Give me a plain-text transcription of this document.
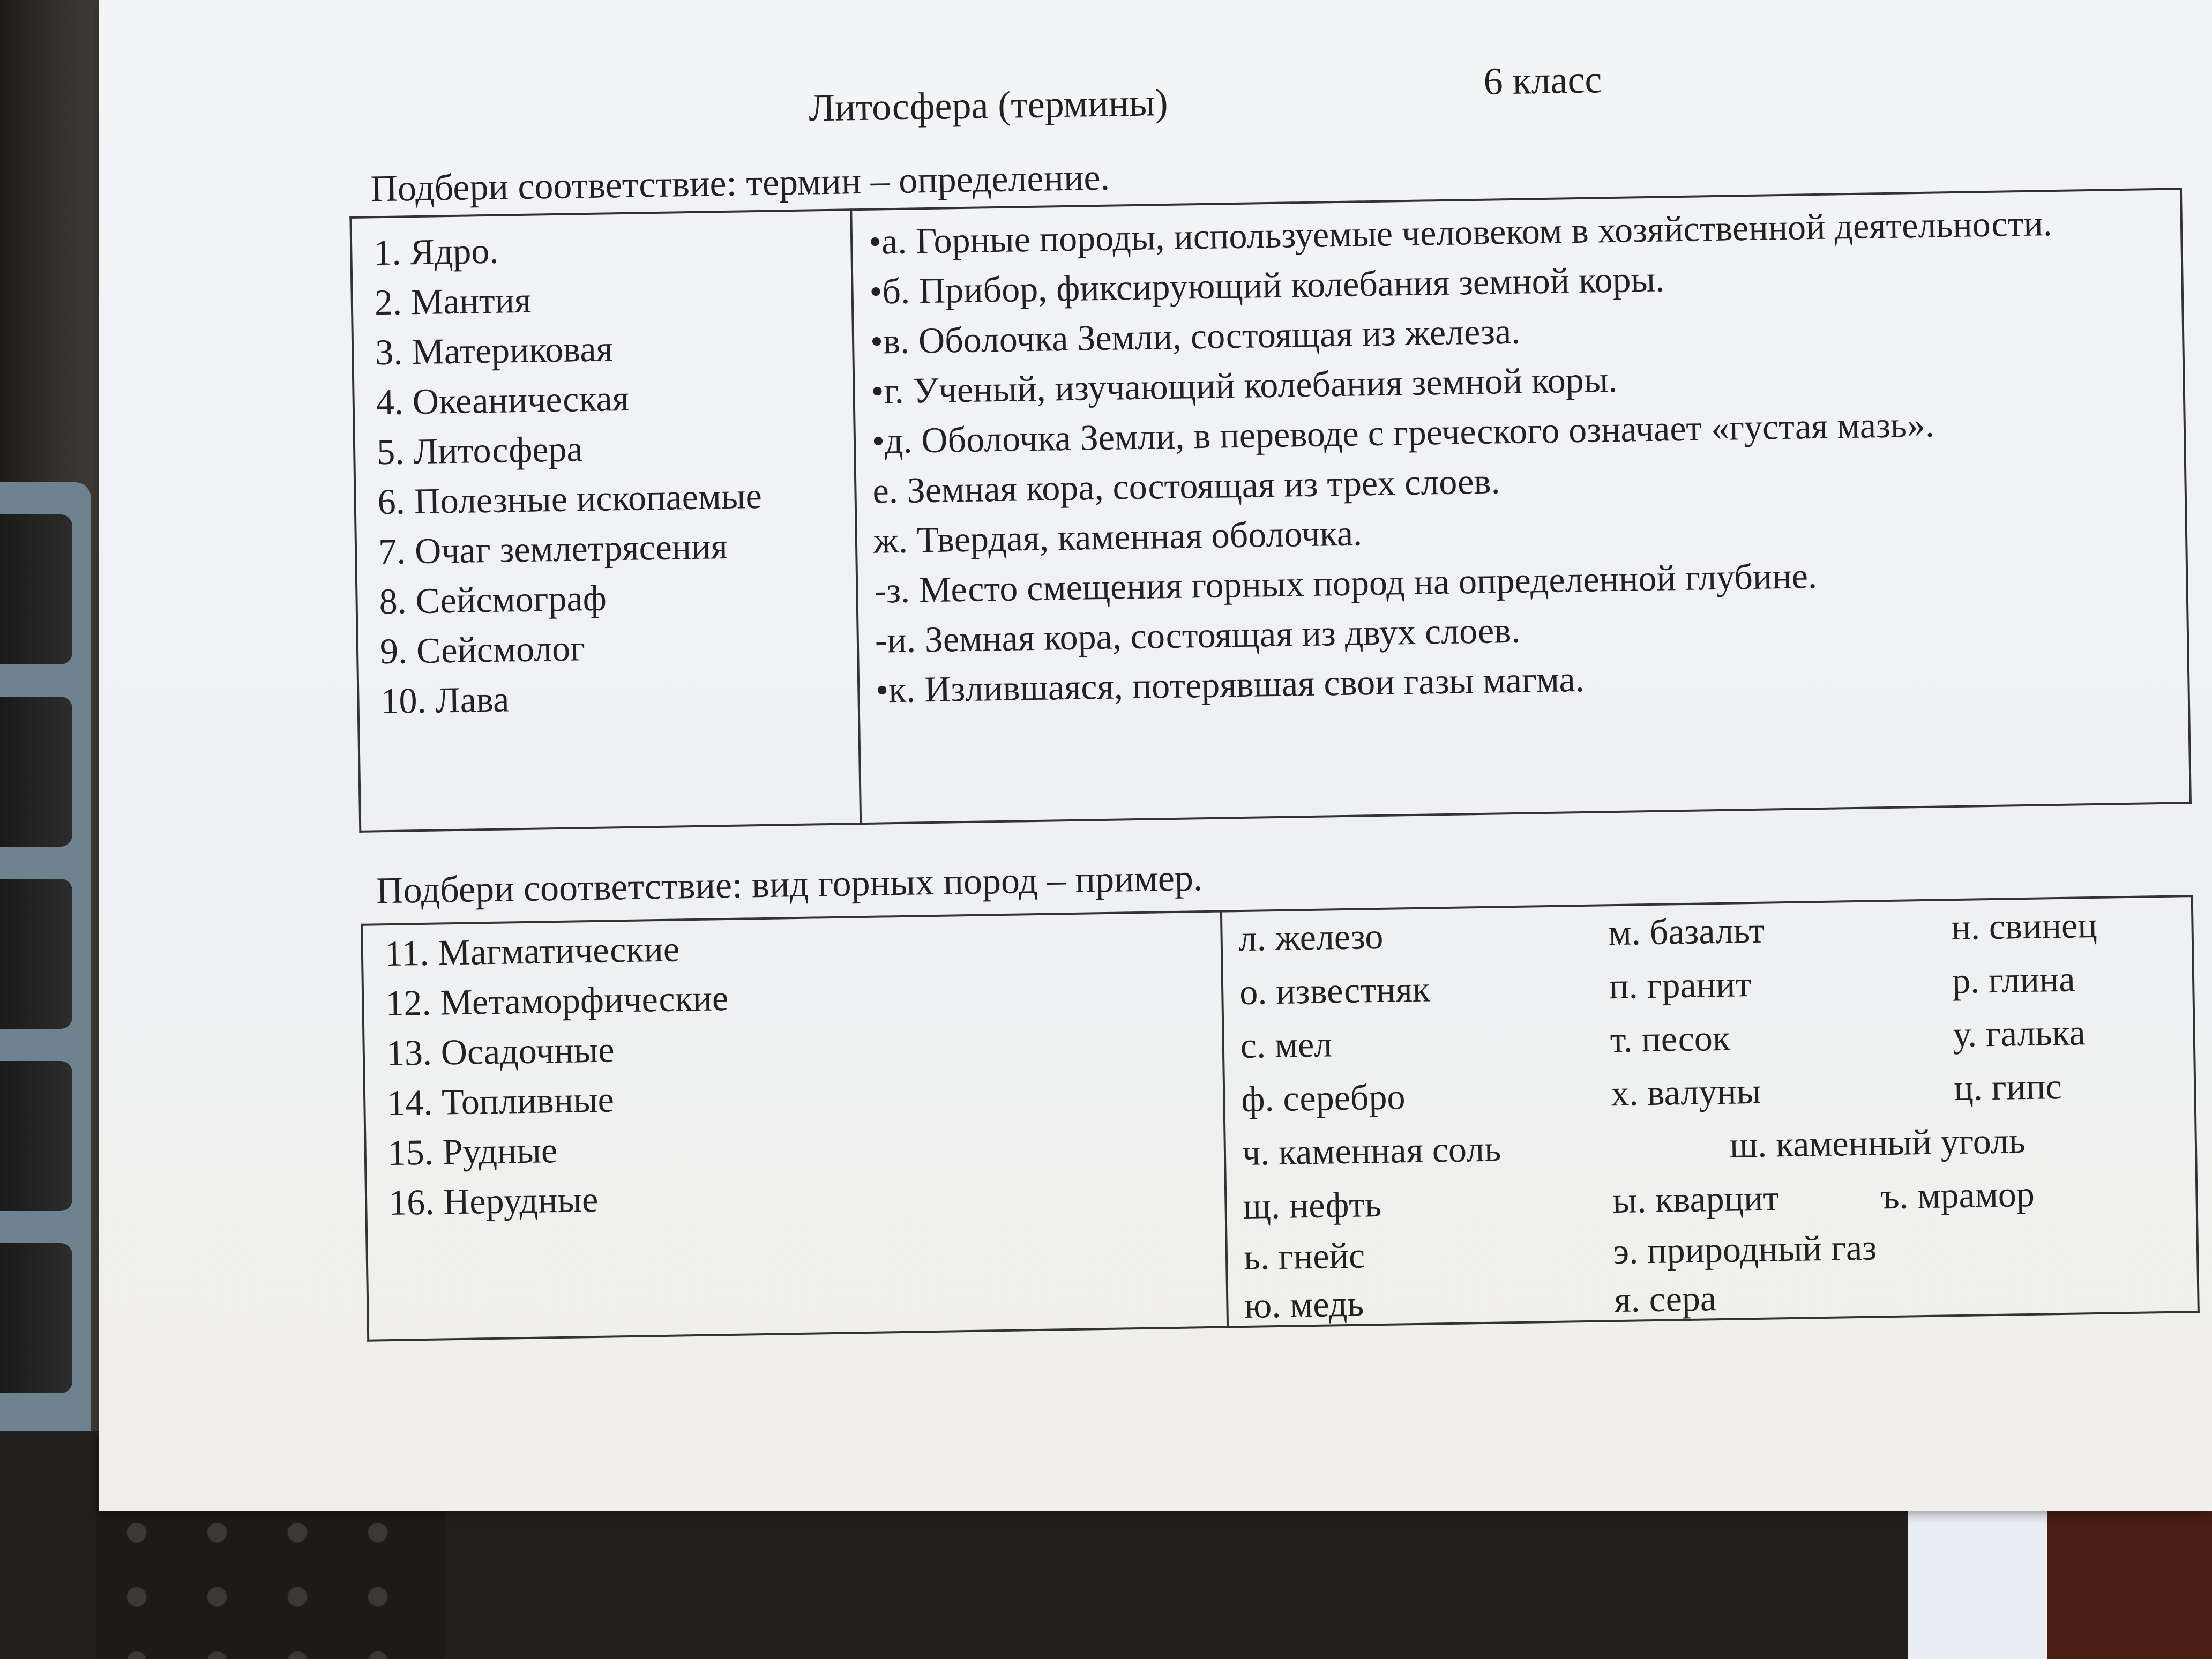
Литосфера (термины)
6 класс
Подбери соответствие: термин – определение.
1. Ядро.
2. Мантия
3. Материковая
4. Океаническая
5. Литосфера
6. Полезные ископаемые
7. Очаг землетрясения
8. Сейсмограф
9. Сейсмолог
10. Лава

•а. Горные породы, используемые человеком в хозяйственной деятельности.
•б. Прибор, фиксирующий колебания земной коры.
•в. Оболочка Земли, состоящая из железа.
•г. Ученый, изучающий колебания земной коры.
•д. Оболочка Земли, в переводе с греческого означает «густая мазь».
е. Земная кора, состоящая из трех слоев.
ж. Твердая, каменная оболочка.
-з. Место смещения горных пород на определенной глубине.
-и. Земная кора, состоящая из двух слоев.
•к. Излившаяся, потерявшая свои газы магма.
Подбери соответствие: вид горных пород – пример.
11. Магматические
12. Метаморфические
13. Осадочные
14. Топливные
15. Рудные
16. Нерудные

л. железо	м. базальт	н. свинец
о. известняк	п. гранит	р. глина
с. мел	т. песок	у. галька
ф. серебро	х. валуны	ц. гипс
ч. каменная соль	ш. каменный уголь
щ. нефть	ы. кварцит	ъ. мрамор
ь. гнейс	э. природный газ
ю. медь	я. сера
